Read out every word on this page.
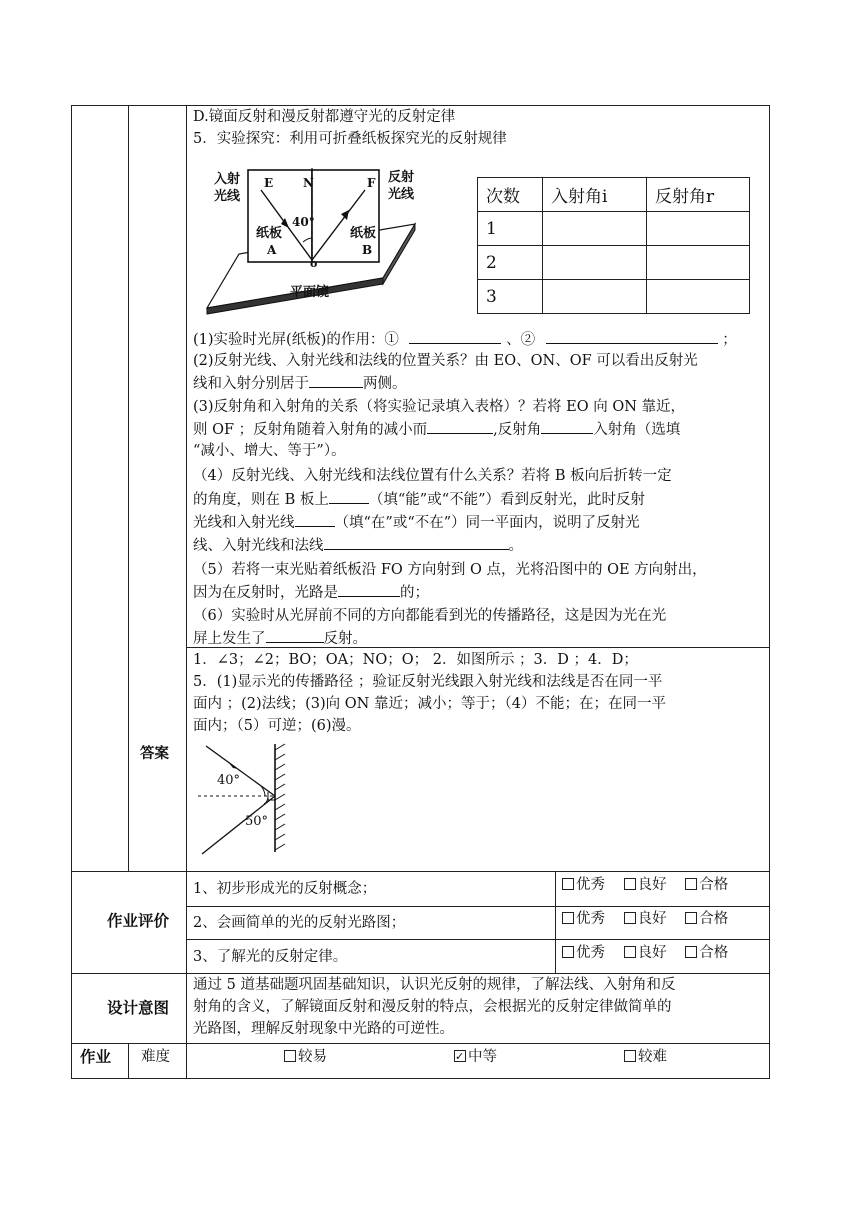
D.镜面反射和漫反射都遵守光的反射定律
5．实验探究：利用可折叠纸板探究光的反射规律
入射
光线
反射
光线
E N	F
40°
纸板
A
纸板
B
o
平面镜
次数	入射角i	反射角r
1		
2		
3		
(1)实验时光屏(纸板)的作用：①	、②	；
(2)反射光线、入射光线和法线的位置关系？由 EO、ON、OF 可以看出反射光
线和入射分别居于	两侧。
(3)反射角和入射角的关系（将实验记录填入表格）？若将 EO 向 ON 靠近，
则 OF ；反射角随着入射角的减小而	,反射角	入射角（选填
“减小、增大、等于”）。
（4）反射光线、入射光线和法线位置有什么关系？若将 B 板向后折转一定
的角度，则在 B 板上	（填“能”或“不能”）看到反射光，此时反射
光线和入射光线	（填“在”或“不在”）同一平面内，说明了反射光
线、入射光线和法线	。
（5）若将一束光贴着纸板沿 FO 方向射到 O 点，光将沿图中的 OE 方向射出，
因为在反射时，光路是	的；
（6）实验时从光屏前不同的方向都能看到光的传播路径，这是因为光在光
屏上发生了	反射。
答案
1．∠3；∠2；BO；OA；NO；O； 2．如图所示 ；3．D ；4．D；
5．(1)显示光的传播路径 ；验证反射光线跟入射光线和法线是否在同一平
面内 ；(2)法线；(3)向 ON 靠近；减小；等于；（4）不能；在；在同一平
面内；（5）可逆；(6)漫。
40°
50°
作业评价
1、初步形成光的反射概念；
2、会画简单的光的反射光路图；
3、了解光的反射定律。
优秀 良好 合格
优秀 良好 合格
优秀 良好 合格
设计意图
通过 5 道基础题巩固基础知识，认识光反射的规律，了解法线、入射角和反
射角的含义，了解镜面反射和漫反射的特点，会根据光的反射定律做简单的
光路图，理解反射现象中光路的可逆性。
作业 难度	较易 ✓	中等	较难
